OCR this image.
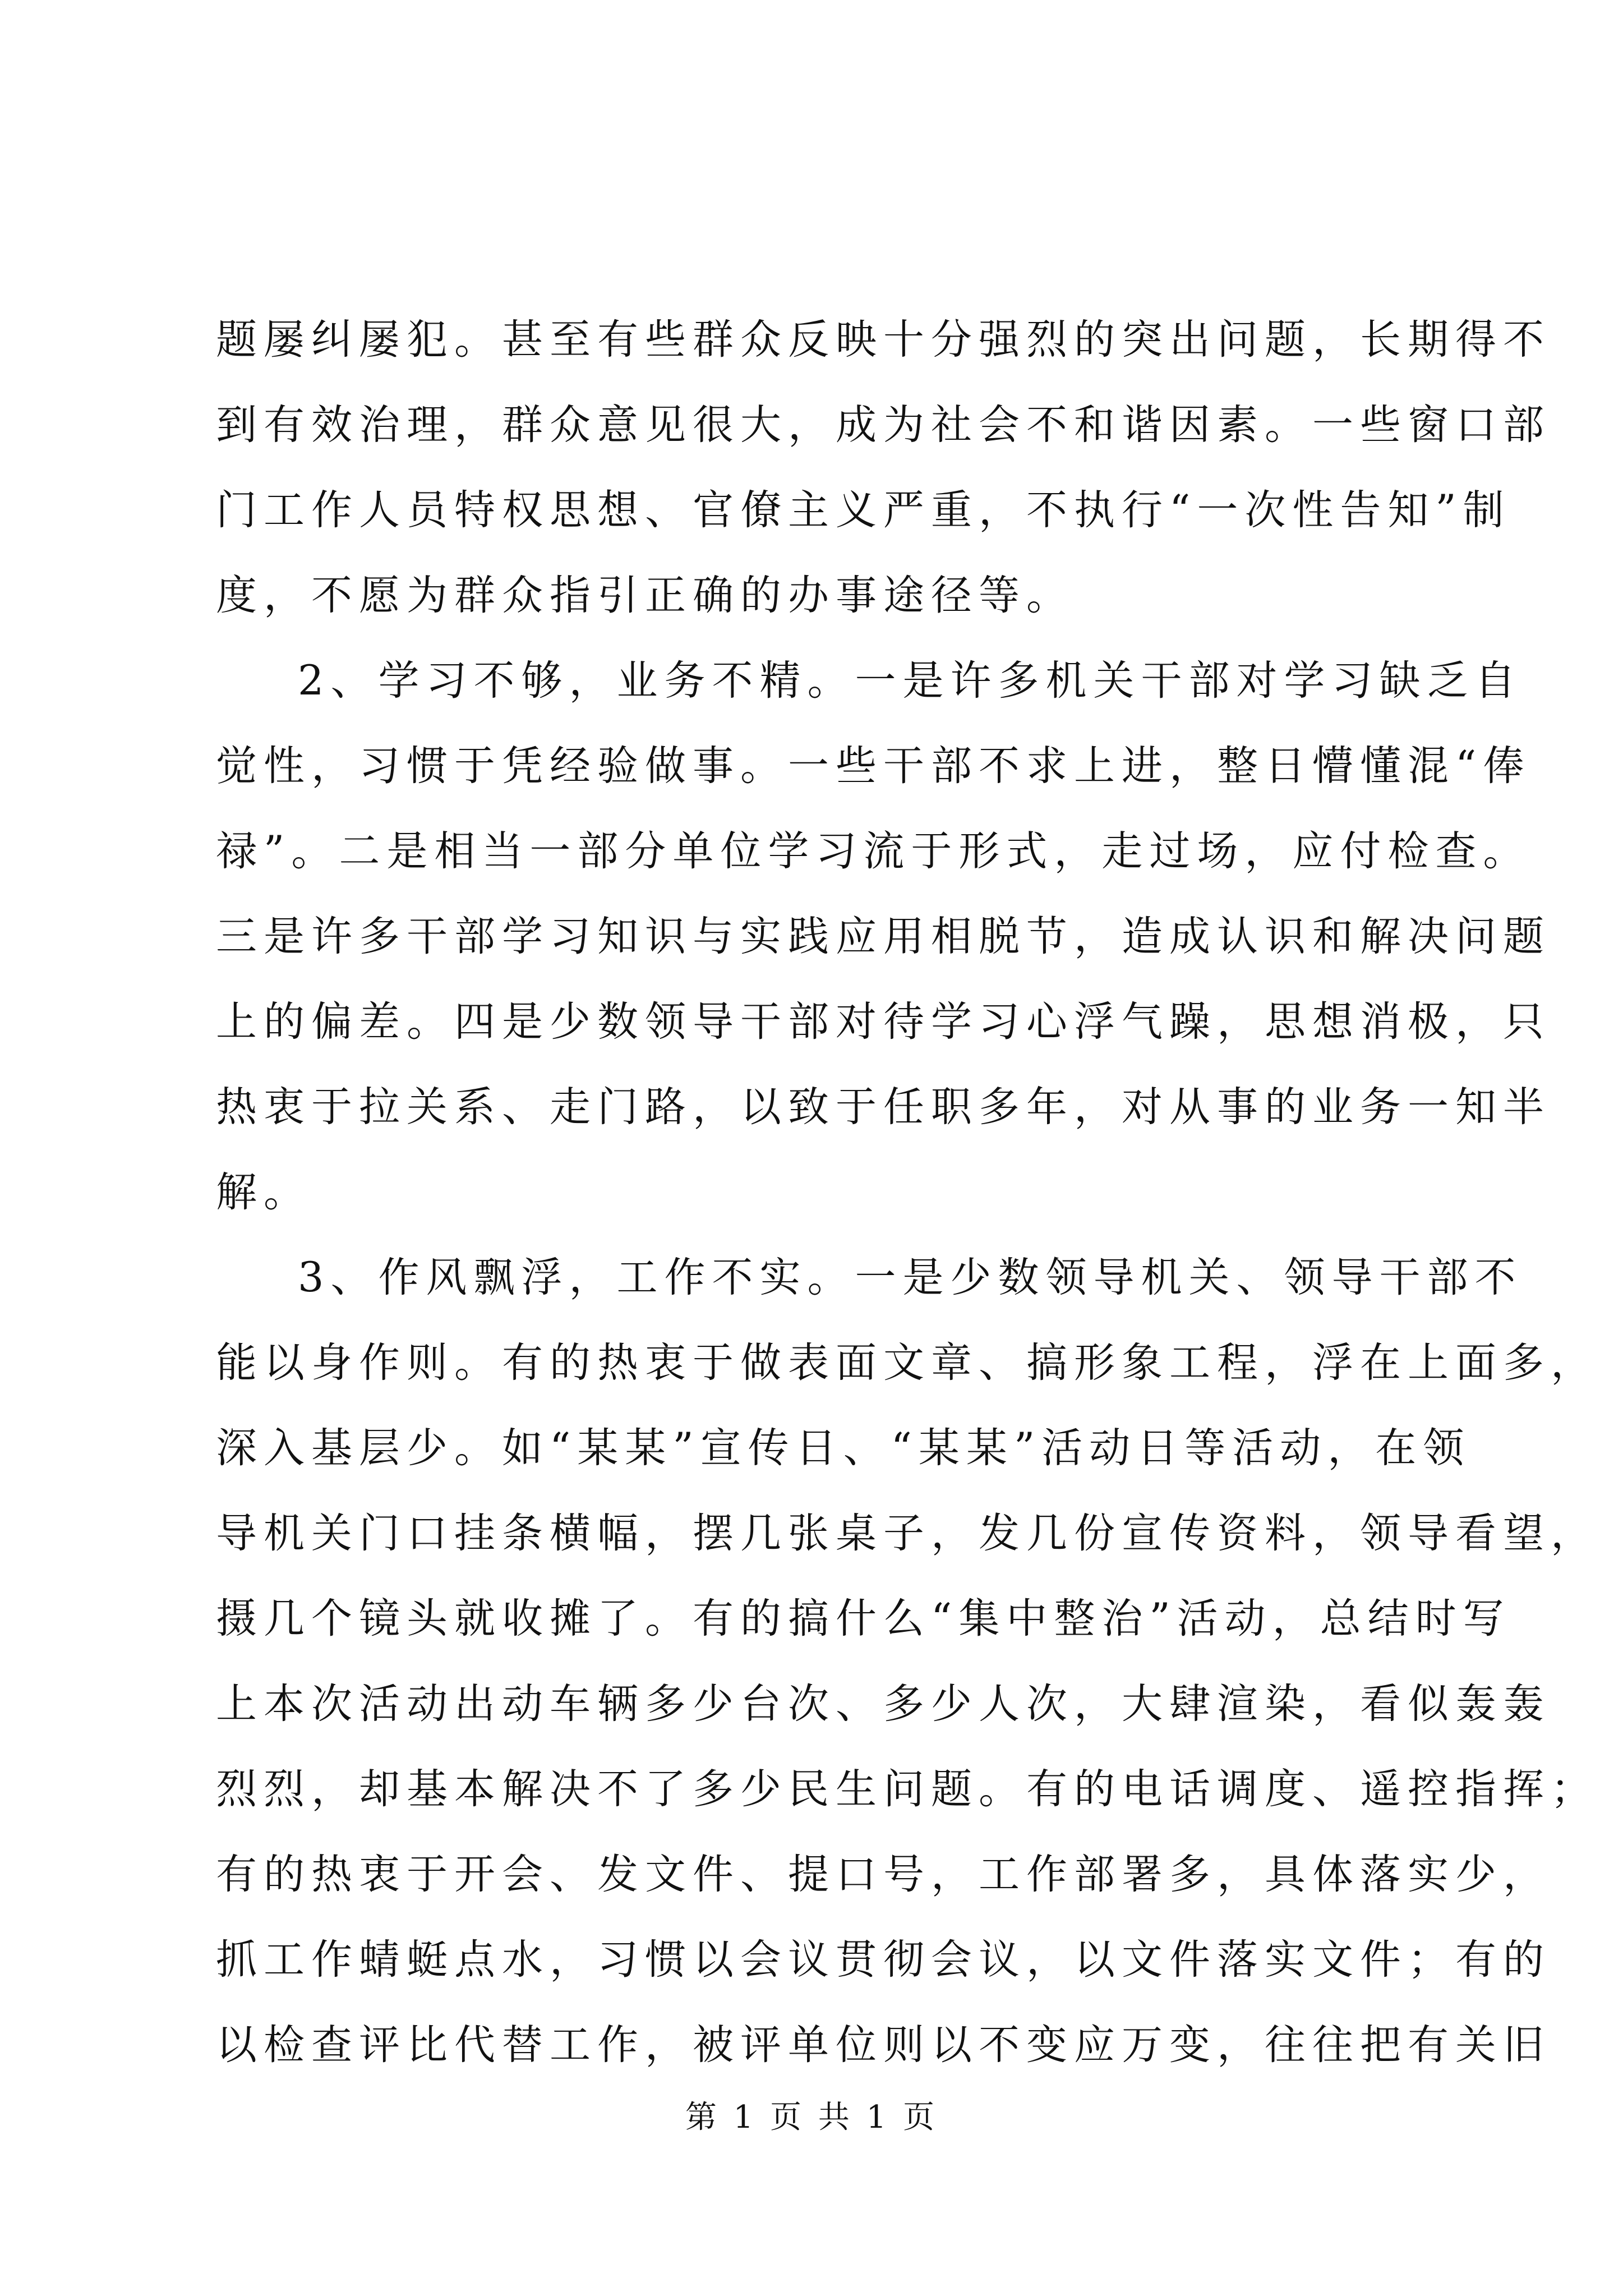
题屡纠屡犯。甚至有些群众反映十分强烈的突出问题，长期得不
到有效治理，群众意见很大，成为社会不和谐因素。一些窗口部
门工作人员特权思想、官僚主义严重，不执行“一次性告知”制
度，不愿为群众指引正确的办事途径等。
2、学习不够，业务不精。一是许多机关干部对学习缺乏自
觉性，习惯于凭经验做事。一些干部不求上进，整日懵懂混“俸
禄”。二是相当一部分单位学习流于形式，走过场，应付检查。
三是许多干部学习知识与实践应用相脱节，造成认识和解决问题
上的偏差。四是少数领导干部对待学习心浮气躁，思想消极，只
热衷于拉关系、走门路，以致于任职多年，对从事的业务一知半
解。
3、作风飘浮，工作不实。一是少数领导机关、领导干部不
能以身作则。有的热衷于做表面文章、搞形象工程，浮在上面多，
深入基层少。如“某某”宣传日、“某某”活动日等活动，在领
导机关门口挂条横幅，摆几张桌子，发几份宣传资料，领导看望，
摄几个镜头就收摊了。有的搞什么“集中整治”活动，总结时写
上本次活动出动车辆多少台次、多少人次，大肆渲染，看似轰轰
烈烈，却基本解决不了多少民生问题。有的电话调度、遥控指挥；
有的热衷于开会、发文件、提口号，工作部署多，具体落实少，
抓工作蜻蜓点水，习惯以会议贯彻会议，以文件落实文件；有的
以检查评比代替工作，被评单位则以不变应万变，往往把有关旧
第 1 页 共 1 页
